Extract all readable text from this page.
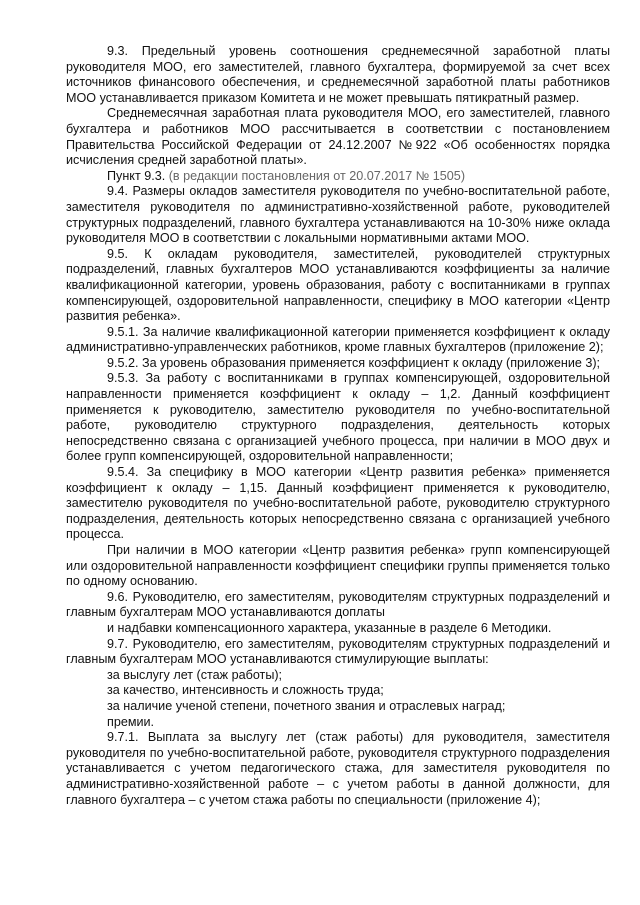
9.3. Предельный уровень соотношения среднемесячной заработной платы руководителя МОО, его заместителей, главного бухгалтера, формируемой за счет всех источников финансового обеспечения, и среднемесячной заработной платы работников МОО устанавливается приказом Комитета и не может превышать пятикратный размер.

Среднемесячная заработная плата руководителя МОО, его заместителей, главного бухгалтера и работников МОО рассчитывается в соответствии с постановлением Правительства Российской Федерации от 24.12.2007 №922 «Об особенностях порядка исчисления средней заработной платы».

Пункт 9.3. (в редакции постановления от 20.07.2017 № 1505)

9.4. Размеры окладов заместителя руководителя по учебно-воспитательной работе, заместителя руководителя по административно-хозяйственной работе, руководителей структурных подразделений, главного бухгалтера устанавливаются на 10-30% ниже оклада руководителя МОО в соответствии с локальными нормативными актами МОО.

9.5. К окладам руководителя, заместителей, руководителей структурных подразделений, главных бухгалтеров МОО устанавливаются коэффициенты за наличие квалификационной категории, уровень образования, работу с воспитанниками в группах компенсирующей, оздоровительной направленности, специфику в МОО категории «Центр развития ребенка».

9.5.1. За наличие квалификационной категории применяется коэффициент к окладу административно-управленческих работников, кроме главных бухгалтеров (приложение 2);

9.5.2. За уровень образования применяется коэффициент к окладу (приложение 3);

9.5.3. За работу с воспитанниками в группах компенсирующей, оздоровительной направленности применяется коэффициент к окладу – 1,2. Данный коэффициент применяется к руководителю, заместителю руководителя по учебно-воспитательной работе, руководителю структурного подразделения, деятельность которых непосредственно связана с организацией учебного процесса, при наличии в МОО двух и более групп компенсирующей, оздоровительной направленности;

9.5.4. За специфику в МОО категории «Центр развития ребенка» применяется коэффициент к окладу – 1,15. Данный коэффициент применяется к руководителю, заместителю руководителя по учебно-воспитательной работе, руководителю структурного подразделения, деятельность которых непосредственно связана с организацией учебного процесса.

При наличии в МОО категории «Центр развития ребенка» групп компенсирующей или оздоровительной направленности коэффициент специфики группы применяется только по одному основанию.

9.6. Руководителю, его заместителям, руководителям структурных подразделений и главным бухгалтерам МОО устанавливаются доплаты

и надбавки компенсационного характера, указанные в разделе 6 Методики.

9.7. Руководителю, его заместителям, руководителям структурных подразделений и главным бухгалтерам МОО устанавливаются стимулирующие выплаты:

за выслугу лет (стаж работы);

за качество, интенсивность и сложность труда;

за наличие ученой степени, почетного звания и отраслевых наград;

премии.

9.7.1. Выплата за выслугу лет (стаж работы) для руководителя, заместителя руководителя по учебно-воспитательной работе, руководителя структурного подразделения устанавливается с учетом педагогического стажа, для заместителя руководителя по административно-хозяйственной работе – с учетом работы в данной должности, для главного бухгалтера – с учетом стажа работы по специальности (приложение 4);
